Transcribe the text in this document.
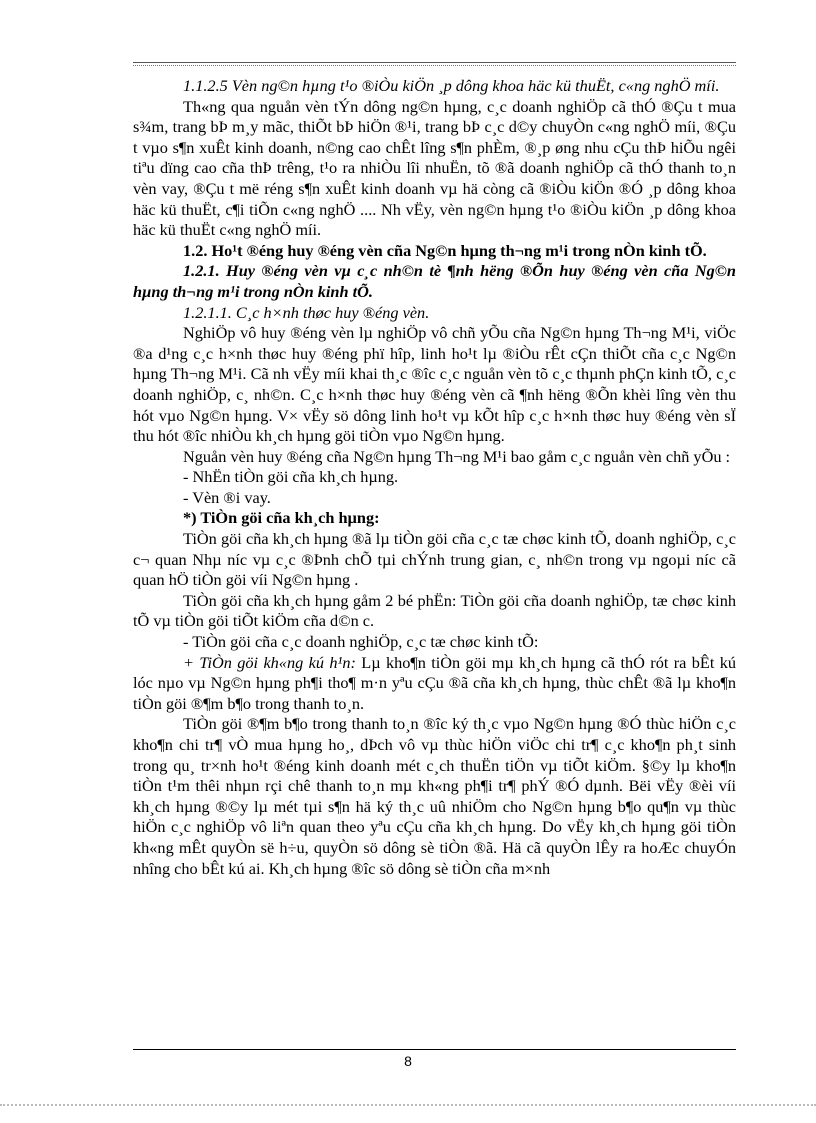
1.1.2.5 Vèn ng©n hµng t¹o ®iÒu kiÖn ¸p dông khoa häc kü thuËt, c«ng nghÖ míi.

Th«ng qua nguån vèn tÝn dông ng©n hµng, c¸c doanh nghiÖp cã thÓ ®Çu t mua s¾m, trang bÞ m¸y mãc, thiÕt bÞ hiÖn ®¹i, trang bÞ c¸c d©y chuyÒn c«ng nghÖ míi, ®Çu t vµo s¶n xuÊt kinh doanh, n©ng cao chÊt lîng s¶n phÈm, ®¸p øng nhu cÇu thÞ hiÕu ngêi tiªu dïng cao cña thÞ trêng, t¹o ra nhiÒu lîi nhuËn, tõ ®ã doanh nghiÖp cã thÓ thanh to¸n vèn vay, ®Çu t më réng s¶n xuÊt kinh doanh vµ hä còng cã ®iÒu kiÖn ®Ó ¸p dông khoa häc kü thuËt, c¶i tiÕn c«ng nghÖ .... Nh vËy, vèn ng©n hµng t¹o ®iÒu kiÖn ¸p dông khoa häc kü thuËt c«ng nghÖ míi.

1.2. Ho¹t ®éng huy ®éng vèn cña Ng©n hµng th¬ng m¹i trong nÒn kinh tÕ.

1.2.1. Huy ®éng vèn vµ c¸c nh©n tè ¶nh hëng ®Õn huy ®éng vèn cña Ng©n hµng th¬ng m¹i trong nÒn kinh tÕ.

1.2.1.1. C¸c h×nh thøc huy ®éng vèn.

NghiÖp vô huy ®éng vèn lµ nghiÖp vô chñ yÕu cña Ng©n hµng Th¬ng M¹i, viÖc ®a d¹ng c¸c h×nh thøc huy ®éng phï hîp, linh ho¹t lµ ®iÒu rÊt cÇn thiÕt cña c¸c Ng©n hµng Th¬ng M¹i. Cã nh vËy míi khai th¸c ®îc c¸c nguån vèn tõ c¸c thµnh phÇn kinh tÕ, c¸c doanh nghiÖp, c¸ nh©n. C¸c h×nh thøc huy ®éng vèn cã ¶nh hëng ®Õn khèi lîng vèn thu hót vµo Ng©n hµng. V× vËy sö dông linh ho¹t vµ kÕt hîp c¸c h×nh thøc huy ®éng vèn sÏ thu hót ®îc nhiÒu kh¸ch hµng göi tiÒn vµo Ng©n hµng.

Nguån vèn huy ®éng cña Ng©n hµng Th¬ng M¹i bao gåm c¸c nguån vèn chñ yÕu :

- NhËn tiÒn göi cña kh¸ch hµng.

- Vèn ®i vay.

*) TiÒn göi cña kh¸ch hµng:

TiÒn göi cña kh¸ch hµng ®ã lµ tiÒn göi cña c¸c tæ chøc kinh tÕ, doanh nghiÖp, c¸c c¬ quan Nhµ níc vµ c¸c ®Þnh chÕ tµi chÝnh trung gian, c¸ nh©n trong vµ ngoµi níc cã quan hÖ tiÒn göi víi Ng©n hµng .

TiÒn göi cña kh¸ch hµng gåm 2 bé phËn: TiÒn göi cña doanh nghiÖp, tæ chøc kinh tÕ vµ tiÒn göi tiÕt kiÖm cña d©n c.

- TiÒn göi cña c¸c doanh nghiÖp, c¸c tæ chøc kinh tÕ:

+ TiÒn göi kh«ng kú h¹n: Lµ kho¶n tiÒn göi mµ kh¸ch hµng cã thÓ rót ra bÊt kú lóc nµo vµ Ng©n hµng ph¶i tho¶ m·n yªu cÇu ®ã cña kh¸ch hµng, thùc chÊt ®ã lµ kho¶n tiÒn göi ®¶m b¶o trong thanh to¸n.

TiÒn göi ®¶m b¶o trong thanh to¸n ®îc ký th¸c vµo Ng©n hµng ®Ó thùc hiÖn c¸c kho¶n chi tr¶ vÒ mua hµng ho¸, dÞch vô vµ thùc hiÖn viÖc chi tr¶ c¸c kho¶n ph¸t sinh trong qu¸ tr×nh ho¹t ®éng kinh doanh mét c¸ch thuËn tiÖn vµ tiÕt kiÖm. §©y lµ kho¶n tiÒn t¹m thêi nhµn rçi chê thanh to¸n mµ kh«ng ph¶i tr¶ phÝ ®Ó dµnh. Bëi vËy ®èi víi kh¸ch hµng ®©y lµ mét tµi s¶n hä ký th¸c uû nhiÖm cho Ng©n hµng b¶o qu¶n vµ thùc hiÖn c¸c nghiÖp vô liªn quan theo yªu cÇu cña kh¸ch hµng. Do vËy kh¸ch hµng göi tiÒn kh«ng mÊt quyÒn së h÷u, quyÒn sö dông sè tiÒn ®ã. Hä cã quyÒn lÊy ra hoÆc chuyÓn nhîng cho bÊt kú ai. Kh¸ch hµng ®îc sö dông sè tiÒn cña m×nh

8
